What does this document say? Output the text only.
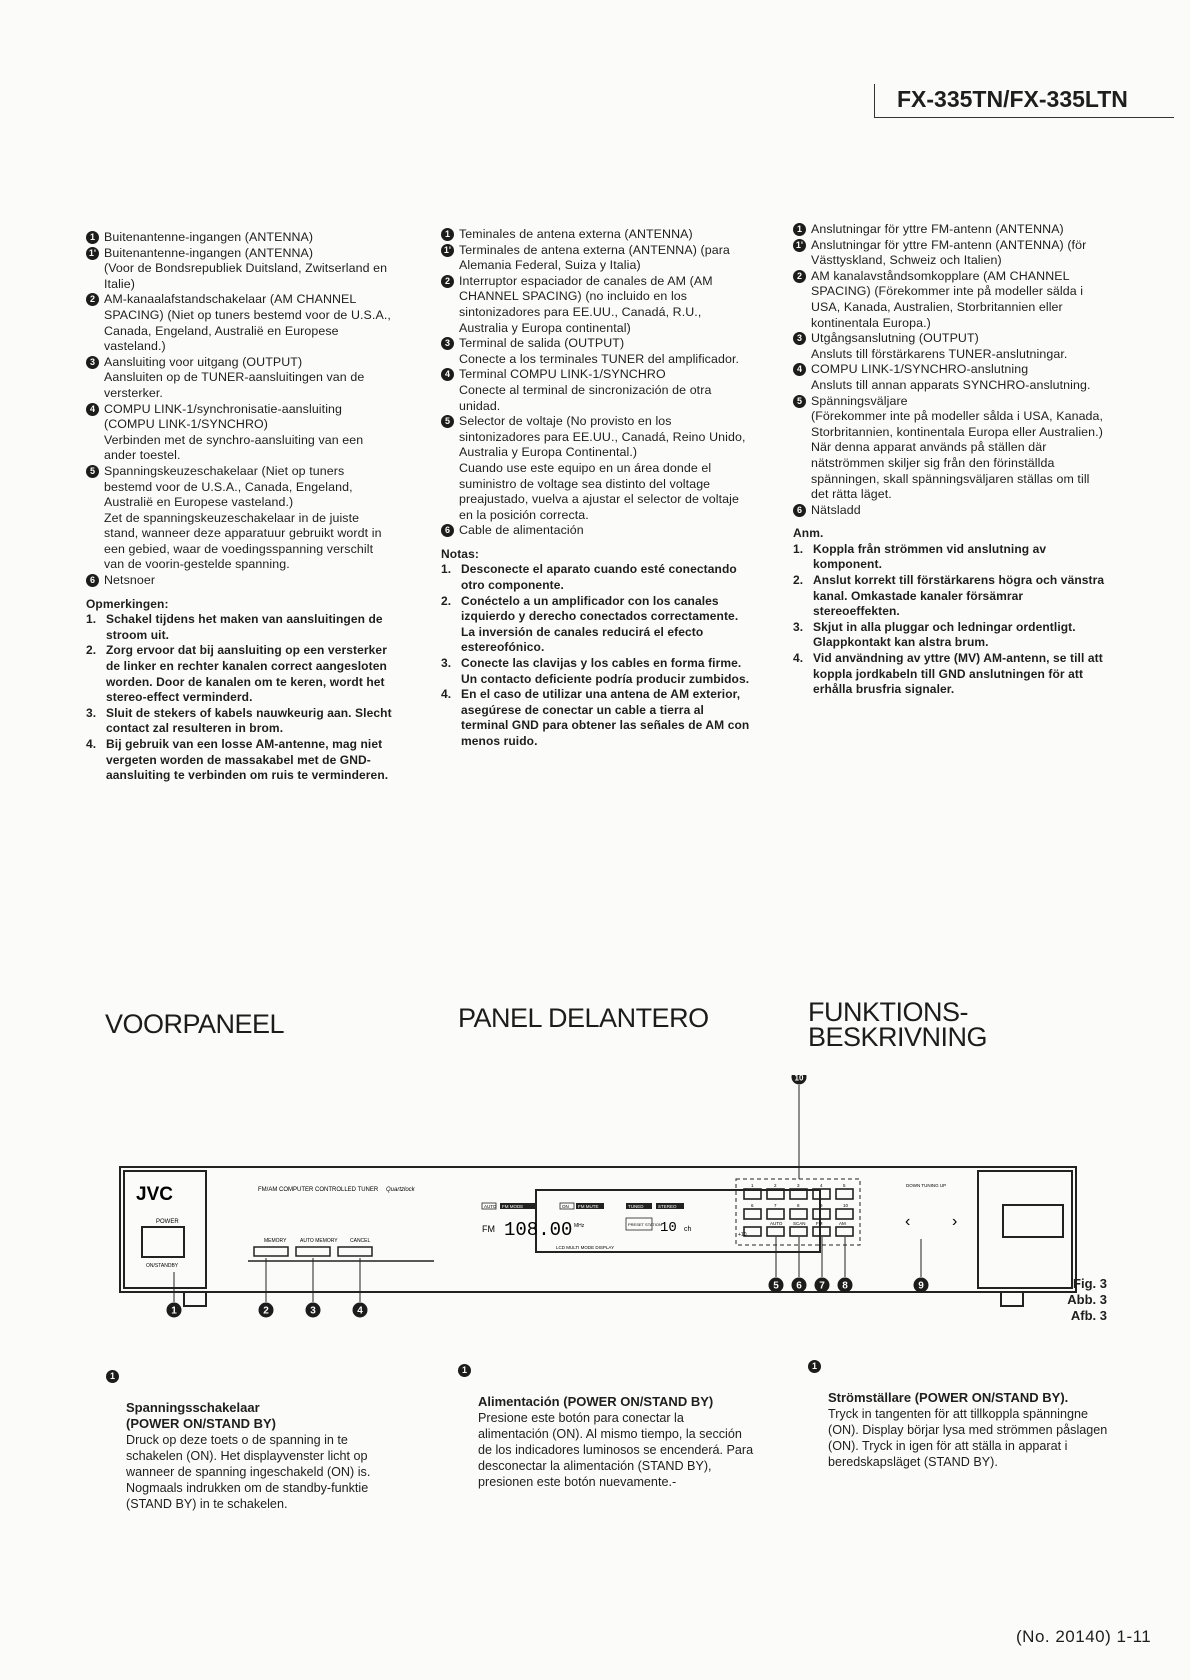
FX-335TN/FX-335LTN
1 Buitenantenne-ingangen (ANTENNA)
1' Buitenantenne-ingangen (ANTENNA)
(Voor de Bondsrepubliek Duitsland, Zwitserland en Italie)
2 AM-kanaalafstandschakelaar (AM CHANNEL SPACING) (Niet op tuners bestemd voor de U.S.A., Canada, Engeland, Australië en Europese vasteland.)
3 Aansluiting voor uitgang (OUTPUT)
Aansluiten op de TUNER-aansluitingen van de versterker.
4 COMPU LINK-1/synchronisatie-aansluiting (COMPU LINK-1/SYNCHRO)
Verbinden met de synchro-aansluiting van een ander toestel.
5 Spanningskeuzeschakelaar (Niet op tuners bestemd voor de U.S.A., Canada, Engeland, Australië en Europese vasteland.)
Zet de spanningskeuzeschakelaar in de juiste stand, wanneer deze apparatuur gebruikt wordt in een gebied, waar de voedingsspanning verschilt van de voorin-gestelde spanning.
6 Netsnoer
Opmerkingen:
1. Schakel tijdens het maken van aansluitingen de stroom uit.
2. Zorg ervoor dat bij aansluiting op een versterker de linker en rechter kanalen correct aangesloten worden. Door de kanalen om te keren, wordt het stereo-effect verminderd.
3. Sluit de stekers of kabels nauwkeurig aan. Slecht contact zal resulteren in brom.
4. Bij gebruik van een losse AM-antenne, mag niet vergeten worden de massakabel met de GND-aansluiting te verbinden om ruis te verminderen.
1 Teminales de antena externa (ANTENNA)
1' Terminales de antena externa (ANTENNA) (para Alemania Federal, Suiza y Italia)
2 Interruptor espaciador de canales de AM (AM CHANNEL SPACING) (no incluido en los sintonizadores para EE.UU., Canadá, R.U., Australia y Europa continental)
3 Terminal de salida (OUTPUT)
Conecte a los terminales TUNER del amplificador.
4 Terminal COMPU LINK-1/SYNCHRO
Conecte al terminal de sincronización de otra unidad.
5 Selector de voltaje (No provisto en los sintonizadores para EE.UU., Canadá, Reino Unido, Australia y Europa Continental.)
Cuando use este equipo en un área donde el suministro de voltage sea distinto del voltage preajustado, vuelva a ajustar el selector de voltaje en la posición correcta.
6 Cable de alimentación
Notas:
1. Desconecte el aparato cuando esté conectando otro componente.
2. Conéctelo a un amplificador con los canales izquierdo y derecho conectados correctamente. La inversión de canales reducirá el efecto estereofónico.
3. Conecte las clavijas y los cables en forma firme. Un contacto deficiente podría producir zumbidos.
4. En el caso de utilizar una antena de AM exterior, asegúrese de conectar un cable a tierra al terminal GND para obtener las señales de AM con menos ruido.
1 Anslutningar för yttre FM-antenn (ANTENNA)
1' Anslutningar för yttre FM-antenn (ANTENNA) (för Västtyskland, Schweiz och Italien)
2 AM kanalavståndsomkopplare (AM CHANNEL SPACING) (Förekommer inte på modeller sälda i USA, Kanada, Australien, Storbritannien eller kontinentala Europa.)
3 Utgångsanslutning (OUTPUT)
Ansluts till förstärkarens TUNER-anslutningar.
4 COMPU LINK-1/SYNCHRO-anslutning
Ansluts till annan apparats SYNCHRO-anslutning.
5 Spänningsväljare
(Förekommer inte på modeller sålda i USA, Kanada, Storbritannien, kontinentala Europa eller Australien.)
När denna apparat används på ställen där nätströmmen skiljer sig från den förinställda spänningen, skall spänningsväljaren ställas om till det rätta läget.
6 Nätsladd
Anm.
1. Koppla från strömmen vid anslutning av komponent.
2. Anslut korrekt till förstärkarens högra och vänstra kanal. Omkastade kanaler försämrar stereoeffekten.
3. Skjut in alla pluggar och ledningar ordentligt. Glappkontakt kan alstra brum.
4. Vid användning av yttre (MV) AM-antenn, se till att koppla jordkabeln till GND anslutningen för att erhålla brusfria signaler.
VOORPANEEL	PANEL DELANTERO	FUNKTIONS-
BESKRIVNING
JVC
POWER
ON/STANDBY
FM/AM COMPUTER CONTROLLED TUNER Quartzlock
MEMORY	AUTO MEMORY CANCEL
AUTO FM MODE	ON FM MUTE	TUNED	STEREO
FM 108.00 MHz	PRESET STATION
10 ch
LCD MULTI MODE DISPLAY
1	2	3	4	5
6	7	8	9	10
AUTO SCAN FM	AM
+10
DOWN TUNING UP
‹	›
1	2	3	4
5 6 7 8	9
10
Fig. 3
Abb. 3
Afb. 3

1

Spanningsschakelaar
(POWER ON/STAND BY)

Druck op deze toets o de spanning in te schakelen (ON). Het displayvenster licht op wanneer de spanning ingeschakeld (ON) is. Nogmaals indrukken om de standby-funktie (STAND BY) in te schakelen.

1

Alimentación (POWER ON/STAND BY)

Presione este botón para conectar la alimentación (ON). Al mismo tiempo, la sección de los indicadores luminosos se encenderá. Para desconectar la alimentación (STAND BY), presionen este botón nuevamente.-

1

Strömställare (POWER ON/STAND BY).

Tryck in tangenten för att tillkoppla spänningne (ON). Display börjar lysa med strömmen påslagen (ON). Tryck in igen för att ställa in apparat i beredskapsläget (STAND BY).
(No. 20140) 1-11
